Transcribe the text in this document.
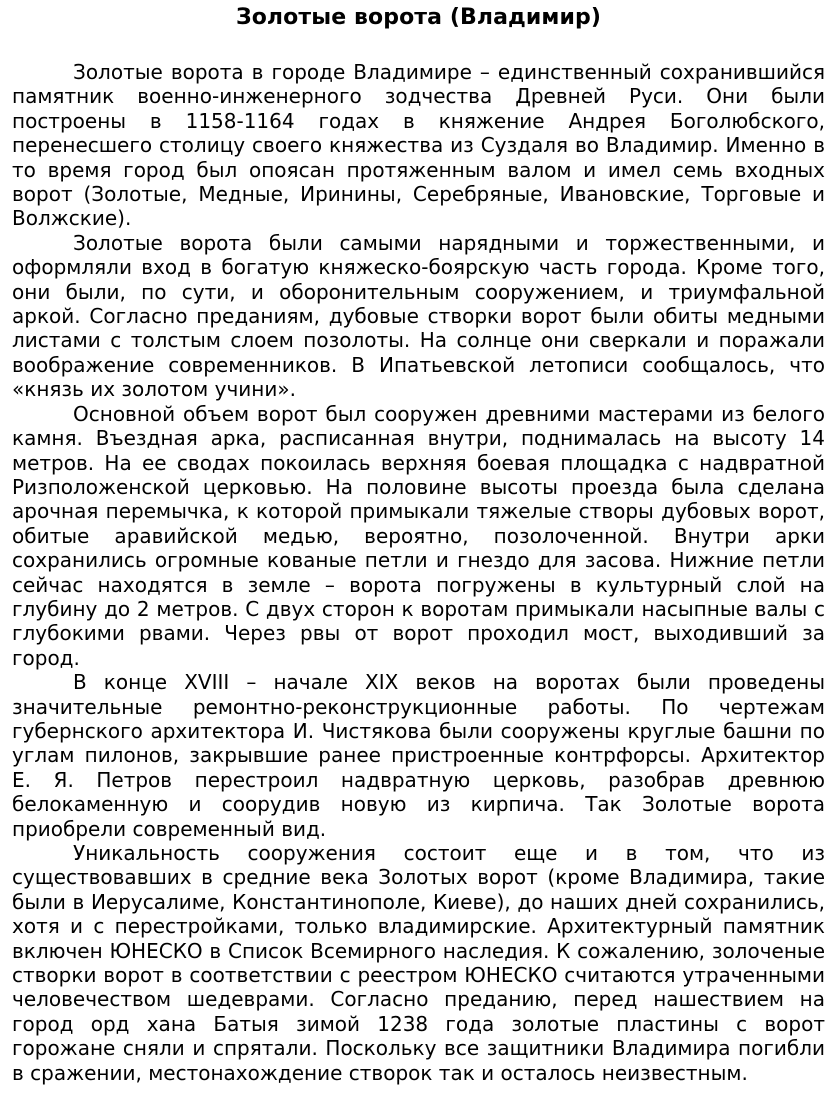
Золотые ворота (Владимир)

Золотые ворота в городе Владимире – единственный сохранившийся памятник военно-инженерного зодчества Древней Руси. Они были построены в 1158-1164 годах в княжение Андрея Боголюбского, перенесшего столицу своего княжества из Суздаля во Владимир. Именно в то время город был опоясан протяженным валом и имел семь входных ворот (Золотые, Медные, Иринины, Серебряные, Ивановские, Торговые и Волжские).

Золотые ворота были самыми нарядными и торжественными, и оформляли вход в богатую княжеско-боярскую часть города. Кроме того, они были, по сути, и оборонительным сооружением, и триумфальной аркой. Согласно преданиям, дубовые створки ворот были обиты медными листами с толстым слоем позолоты. На солнце они сверкали и поражали воображение современников. В Ипатьевской летописи сообщалось, что «князь их золотом учини».

Основной объем ворот был сооружен древними мастерами из белого камня. Въездная арка, расписанная внутри, поднималась на высоту 14 метров. На ее сводах покоилась верхняя боевая площадка с надвратной Ризположенской церковью. На половине высоты проезда была сделана арочная перемычка, к которой примыкали тяжелые створы дубовых ворот, обитые аравийской медью, вероятно, позолоченной. Внутри арки сохранились огромные кованые петли и гнездо для засова. Нижние петли сейчас находятся в земле – ворота погружены в культурный слой на глубину до 2 метров. С двух сторон к воротам примыкали насыпные валы с глубокими рвами. Через рвы от ворот проходил мост, выходивший за город.

В конце XVIII – начале XIX веков на воротах были проведены значительные ремонтно-реконструкционные работы. По чертежам губернского архитектора И. Чистякова были сооружены круглые башни по углам пилонов, закрывшие ранее пристроенные контрфорсы. Архитектор Е. Я. Петров перестроил надвратную церковь, разобрав древнюю белокаменную и соорудив новую из кирпича. Так Золотые ворота приобрели современный вид.

Уникальность сооружения состоит еще и в том, что из существовавших в средние века Золотых ворот (кроме Владимира, такие были в Иерусалиме, Константинополе, Киеве), до наших дней сохранились, хотя и с перестройками, только владимирские. Архитектурный памятник включен ЮНЕСКО в Список Всемирного наследия. К сожалению, золоченые створки ворот в соответствии с реестром ЮНЕСКО считаются утраченными человечеством шедеврами. Согласно преданию, перед нашествием на город орд хана Батыя зимой 1238 года золотые пластины с ворот горожане сняли и спрятали. Поскольку все защитники Владимира погибли в сражении, местонахождение створок так и осталось неизвестным.
